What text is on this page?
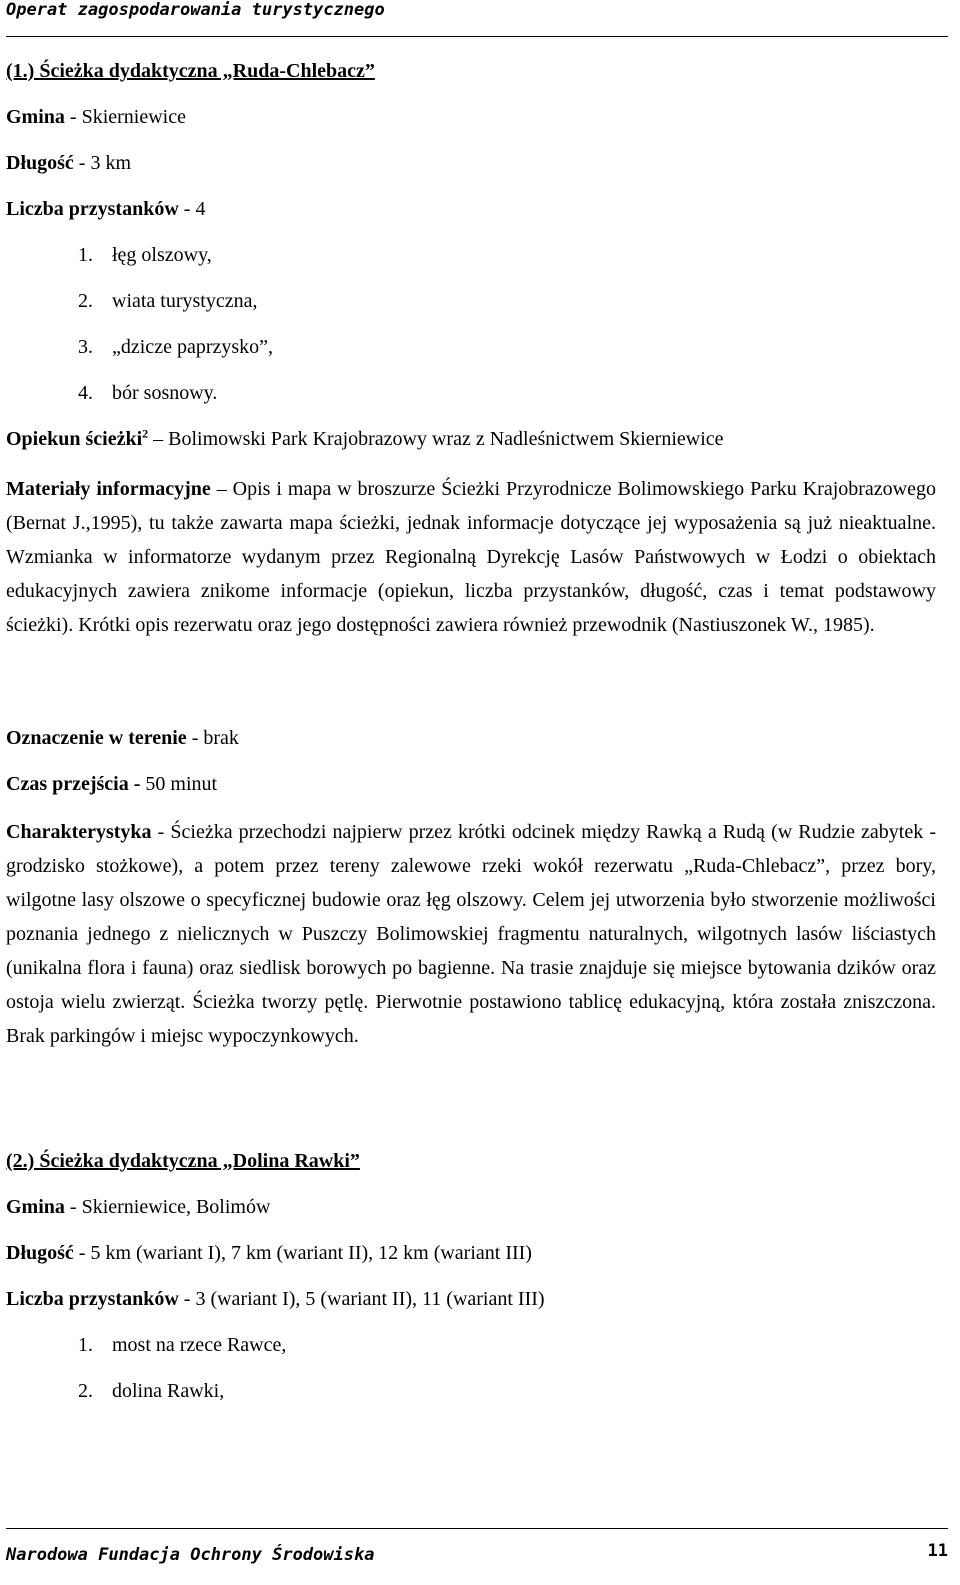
Operat zagospodarowania turystycznego
(1.) Ścieżka dydaktyczna „Ruda-Chlebacz”
Gmina - Skierniewice
Długość - 3 km
Liczba przystanków - 4
1. łęg olszowy,
2. wiata turystyczna,
3. „dzicze paprzysko”,
4. bór sosnowy.
Opiekun ścieżki$^2$ – Bolimowski Park Krajobrazowy wraz z Nadleśnictwem Skierniewice

Materiały informacyjne – Opis i mapa w broszurze Ścieżki Przyrodnicze Bolimowskiego Parku Krajobrazowego (Bernat J.,1995), tu także zawarta mapa ścieżki, jednak informacje dotyczące jej wyposażenia są już nieaktualne. Wzmianka w informatorze wydanym przez Regionalną Dyrekcję Lasów Państwowych w Łodzi o obiektach edukacyjnych zawiera znikome informacje (opiekun, liczba przystanków, długość, czas i temat podstawowy ścieżki). Krótki opis rezerwatu oraz jego dostępności zawiera również przewodnik (Nastiuszonek W., 1985).

Oznaczenie w terenie - brak
Czas przejścia - 50 minut

Charakterystyka - Ścieżka przechodzi najpierw przez krótki odcinek między Rawką a Rudą (w Rudzie zabytek - grodzisko stożkowe), a potem przez tereny zalewowe rzeki wokół rezerwatu „Ruda-Chlebacz”, przez bory, wilgotne lasy olszowe o specyficznej budowie oraz łęg olszowy. Celem jej utworzenia było stworzenie możliwości poznania jednego z nielicznych w Puszczy Bolimowskiej fragmentu naturalnych, wilgotnych lasów liściastych (unikalna flora i fauna) oraz siedlisk borowych po bagienne. Na trasie znajduje się miejsce bytowania dzików oraz ostoja wielu zwierząt. Ścieżka tworzy pętlę. Pierwotnie postawiono tablicę edukacyjną, która została zniszczona. Brak parkingów i miejsc wypoczynkowych.

(2.) Ścieżka dydaktyczna „Dolina Rawki”
Gmina - Skierniewice, Bolimów
Długość - 5 km (wariant I), 7 km (wariant II), 12 km (wariant III)
Liczba przystanków - 3 (wariant I), 5 (wariant II), 11 (wariant III)
1. most na rzece Rawce,
2. dolina Rawki,
Narodowa Fundacja Ochrony Środowiska	11
